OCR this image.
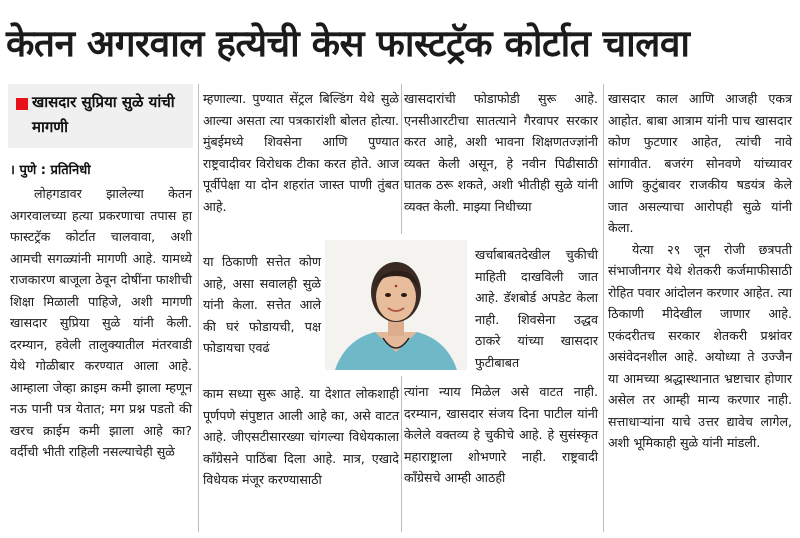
केतन अगरवाल हत्येची केस फास्टट्रॅक कोर्टात चालवा
खासदार सुप्रिया सुळे यांची मागणी
। पुणे : प्रतिनिधी

लोहगडावर झालेल्या केतन अगरवालच्या हत्या प्रकरणाचा तपास हा फास्टट्रॅक कोर्टात चालवावा, अशी आमची सगळ्यांनी मागणी आहे. यामध्ये राजकारण बाजूला ठेवून दोषींना फाशीची शिक्षा मिळाली पाहिजे, अशी मागणी खासदार सुप्रिया सुळे यांनी केली. दरम्यान, हवेली तालुक्यातील मंतरवाडी येथे गोळीबार करण्यात आला आहे. आम्हाला जेव्हा क्राइम कमी झाला म्हणून नऊ पानी पत्र येतात; मग प्रश्न पडतो की खरच क्राईम कमी झाला आहे का? वर्दीची भीती राहिली नसल्याचेही सुळे

म्हणाल्या. पुण्यात सेंट्रल बिल्डिंग येथे सुळे आल्या असता त्या पत्रकारांशी बोलत होत्या. मुंबईमध्ये शिवसेना आणि पुण्यात राष्ट्रवादीवर विरोधक टीका करत होते. आज पूर्वीपेक्षा या दोन शहरांत जास्त पाणी तुंबत आहे.

या ठिकाणी सत्तेत कोण आहे, असा सवालही सुळे यांनी केला. सत्तेत आले की घरं फोडायची, पक्ष फोडायचा एवढं

काम सध्या सुरू आहे. या देशात लोकशाही पूर्णपणे संपुष्टात आली आहे का, असे वाटत आहे. जीएसटीसारख्या चांगल्या विधेयकाला काँग्रेसने पाठिंबा दिला आहे. मात्र, एखादे विधेयक मंजूर करण्यासाठी

खासदारांची फोडाफोडी सुरू आहे. एनसीआरटीचा सातत्याने गैरवापर सरकार करत आहे, अशी भावना शिक्षणतज्ज्ञांनी व्यक्त केली असून, हे नवीन पिढीसाठी घातक ठरू शकते, अशी भीतीही सुळे यांनी व्यक्त केली. माझ्या निधीच्या

खर्चाबाबतदेखील चुकीची माहिती दाखविली जात आहे. डॅशबोर्ड अपडेट केला नाही. शिवसेना उद्धव ठाकरे यांच्या खासदार फुटीबाबत

त्यांना न्याय मिळेल असे वाटत नाही. दरम्यान, खासदार संजय दिना पाटील यांनी केलेले वक्तव्य हे चुकीचे आहे. हे सुसंस्कृत महाराष्ट्राला शोभणारे नाही. राष्ट्रवादी काँग्रेसचे आम्ही आठही

खासदार काल आणि आजही एकत्र आहोत. बाबा आत्राम यांनी पाच खासदार कोण फुटणार आहेत, त्यांची नावे सांगावीत. बजरंग सोनवणे यांच्यावर आणि कुटुंबावर राजकीय षडयंत्र केले जात असल्याचा आरोपही सुळे यांनी केला.

येत्या २९ जून रोजी छत्रपती संभाजीनगर येथे शेतकरी कर्जमाफीसाठी रोहित पवार आंदोलन करणार आहेत. त्या ठिकाणी मीदेखील जाणार आहे. एकंदरीतच सरकार शेतकरी प्रश्नांवर असंवेदनशील आहे. अयोध्या ते उज्जैन या आमच्या श्रद्धास्थानात भ्रष्टाचार होणार असेल तर आम्ही मान्य करणार नाही. सत्ताधाऱ्यांना याचे उत्तर द्यावेच लागेल, अशी भूमिकाही सुळे यांनी मांडली.
